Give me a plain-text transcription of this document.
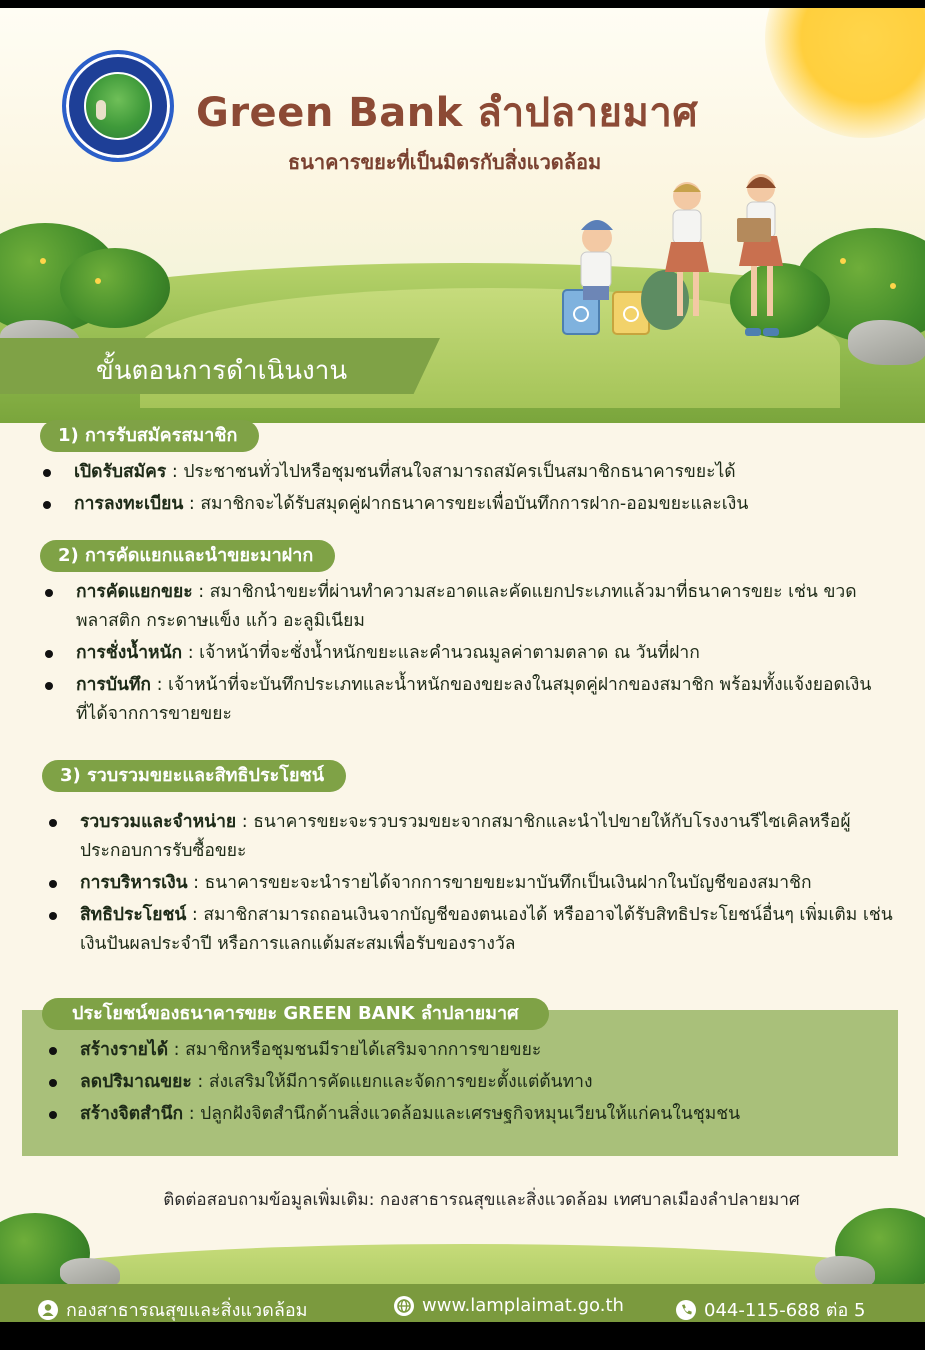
Green Bank ลำปลายมาศ
ธนาคารขยะที่เป็นมิตรกับสิ่งแวดล้อม
ขั้นตอนการดำเนินงาน
1) การรับสมัครสมาชิก
เปิดรับสมัคร : ประชาชนทั่วไปหรือชุมชนที่สนใจสามารถสมัครเป็นสมาชิกธนาคารขยะได้
การลงทะเบียน : สมาชิกจะได้รับสมุดคู่ฝากธนาคารขยะเพื่อบันทึกการฝาก-ออมขยะและเงิน
2) การคัดแยกและนำขยะมาฝาก
การคัดแยกขยะ : สมาชิกนำขยะที่ผ่านทำความสะอาดและคัดแยกประเภทแล้วมาที่ธนาคารขยะ เช่น ขวดพลาสติก กระดาษแข็ง แก้ว อะลูมิเนียม
การชั่งน้ำหนัก : เจ้าหน้าที่จะชั่งน้ำหนักขยะและคำนวณมูลค่าตามตลาด ณ วันที่ฝาก
การบันทึก : เจ้าหน้าที่จะบันทึกประเภทและน้ำหนักของขยะลงในสมุดคู่ฝากของสมาชิก พร้อมทั้งแจ้งยอดเงินที่ได้จากการขายขยะ
3) รวบรวมขยะและสิทธิประโยชน์
รวบรวมและจำหน่าย : ธนาคารขยะจะรวบรวมขยะจากสมาชิกและนำไปขายให้กับโรงงานรีไซเคิลหรือผู้ประกอบการรับซื้อขยะ
การบริหารเงิน : ธนาคารขยะจะนำรายได้จากการขายขยะมาบันทึกเป็นเงินฝากในบัญชีของสมาชิก
สิทธิประโยชน์ : สมาชิกสามารถถอนเงินจากบัญชีของตนเองได้ หรืออาจได้รับสิทธิประโยชน์อื่นๆ เพิ่มเติม เช่น เงินปันผลประจำปี หรือการแลกแต้มสะสมเพื่อรับของรางวัล
ประโยชน์ของธนาคารขยะ GREEN BANK ลำปลายมาศ
สร้างรายได้ : สมาชิกหรือชุมชนมีรายได้เสริมจากการขายขยะ
ลดปริมาณขยะ : ส่งเสริมให้มีการคัดแยกและจัดการขยะตั้งแต่ต้นทาง
สร้างจิตสำนึก : ปลูกฝังจิตสำนึกด้านสิ่งแวดล้อมและเศรษฐกิจหมุนเวียนให้แก่คนในชุมชน
ติดต่อสอบถามข้อมูลเพิ่มเติม: กองสาธารณสุขและสิ่งแวดล้อม เทศบาลเมืองลำปลายมาศ
กองสาธารณสุขและสิ่งแวดล้อม	www.lamplaimat.go.th	044-115-688 ต่อ 5
